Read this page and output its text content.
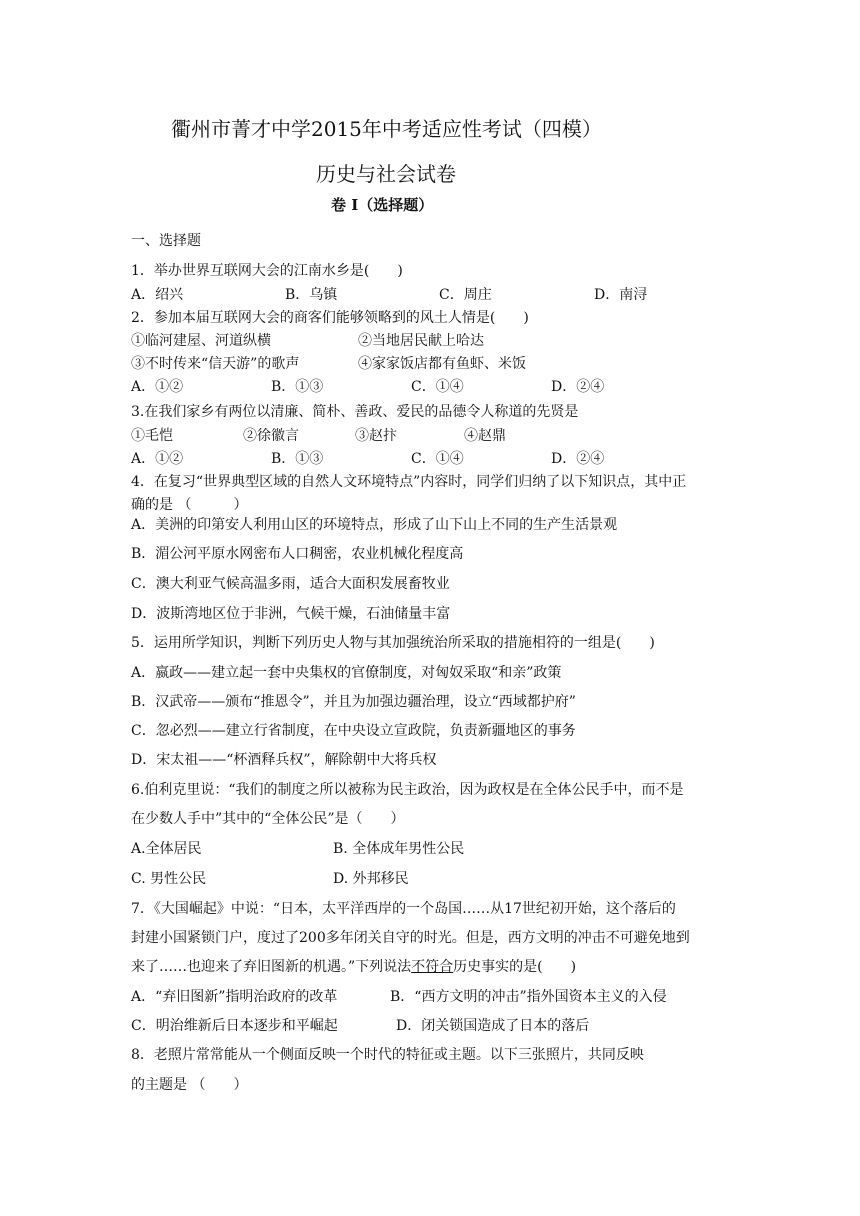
衢州市菁才中学2015年中考适应性考试（四模）
历史与社会试卷
卷 Ⅰ（选择题）
一、选择题
1．举办世界互联网大会的江南水乡是(　　)
A．绍兴	B．乌镇	C．周庄	D．南浔
2．参加本届互联网大会的商客们能够领略到的风土人情是(　　)
①临河建屋、河道纵横	②当地居民献上哈达
③不时传来“信天游”的歌声	④家家饭店都有鱼虾、米饭
A．①②	B．①③	C．①④	D．②④
3.在我们家乡有两位以清廉、简朴、善政、爱民的品德令人称道的先贤是
①毛恺	②徐徽言	③赵抃	④赵鼎
A．①②	B．①③	C．①④	D．②④
4．在复习“世界典型区域的自然人文环境特点”内容时，同学们归纳了以下知识点，其中正
确的是 （　　　）
A．美洲的印第安人利用山区的环境特点，形成了山下山上不同的生产生活景观
B．湄公河平原水网密布人口稠密，农业机械化程度高
C．澳大利亚气候高温多雨，适合大面积发展畜牧业
D．波斯湾地区位于非洲，气候干燥，石油储量丰富
5．运用所学知识，判断下列历史人物与其加强统治所采取的措施相符的一组是(　　)
A．嬴政——建立起一套中央集权的官僚制度，对匈奴采取“和亲”政策
B．汉武帝——颁布“推恩令”，并且为加强边疆治理，设立“西域都护府”
C．忽必烈——建立行省制度，在中央设立宣政院，负责新疆地区的事务
D．宋太祖——“杯酒释兵权”，解除朝中大将兵权
6.伯利克里说：“我们的制度之所以被称为民主政治，因为政权是在全体公民手中，而不是
在少数人手中”其中的“全体公民”是（　　）
A.全体居民	B. 全体成年男性公民
C. 男性公民	D. 外邦移民
7．《大国崛起》中说：“日本，太平洋西岸的一个岛国……从17世纪初开始，这个落后的
封建小国紧锁门户，度过了200多年闭关自守的时光。但是，西方文明的冲击不可避免地到
来了……也迎来了弃旧图新的机遇。”下列说法不符合历史事实的是(　　)
A．“弃旧图新”指明治政府的改革	B．“西方文明的冲击”指外国资本主义的入侵
C．明治维新后日本逐步和平崛起	D．闭关锁国造成了日本的落后
8．老照片常常能从一个侧面反映一个时代的特征或主题。以下三张照片，共同反映
的主题是 （　　）
